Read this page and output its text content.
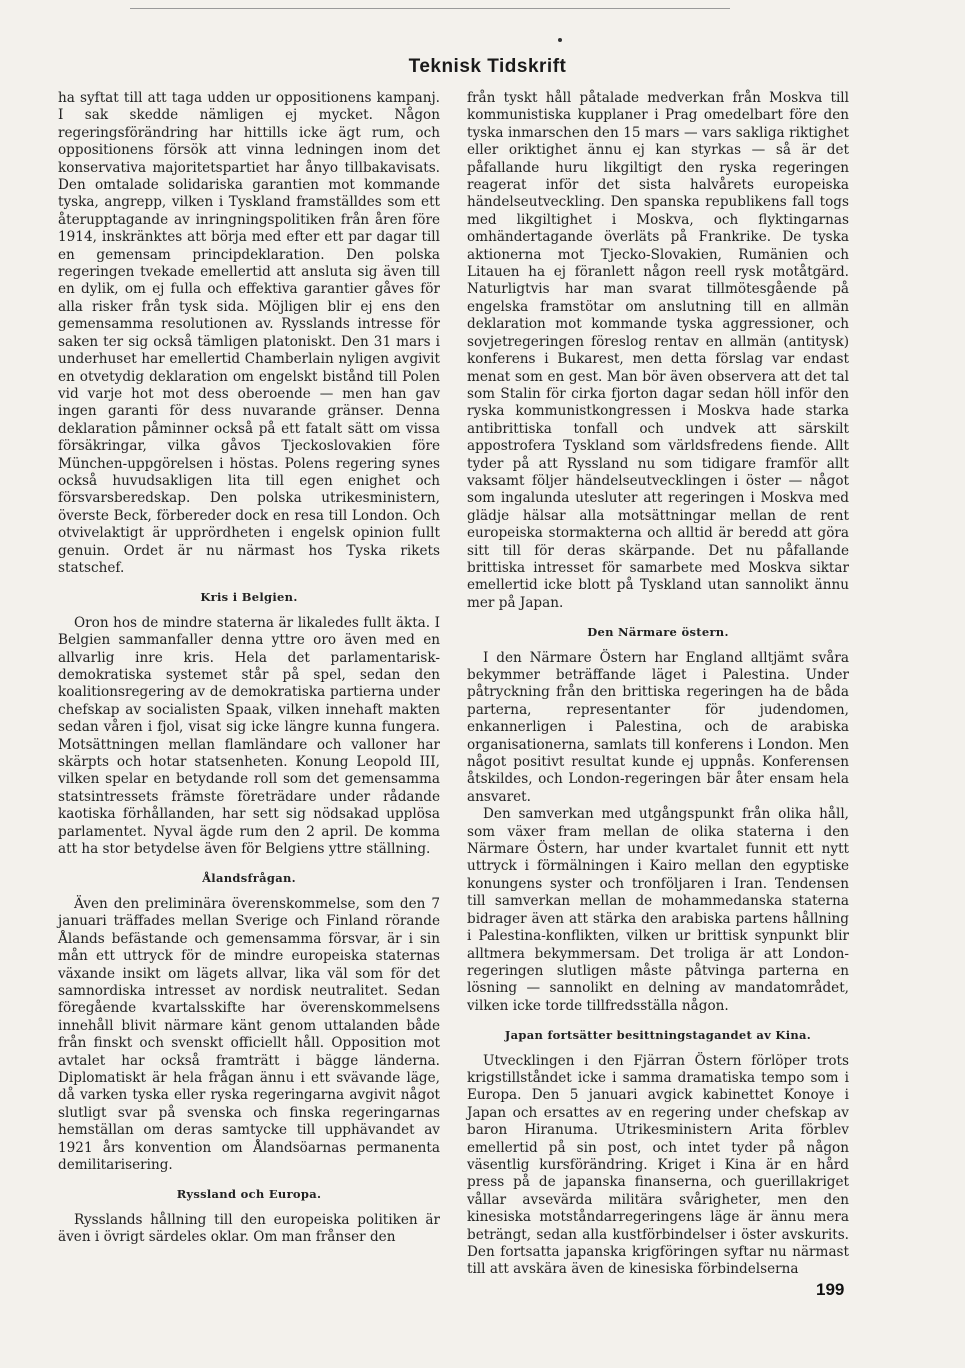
Teknisk Tidskrift

ha syftat till att taga udden ur oppositionens kampanj. I sak skedde nämligen ej mycket. Någon regeringsförändring har hittills icke ägt rum, och oppositionens försök att vinna ledningen inom det konservativa majoritetspartiet har ånyo tillbakavisats. Den omtalade solidariska garantien mot kommande tyska, angrepp, vilken i Tyskland framställdes som ett återupptagande av inringningspolitiken från åren före 1914, inskränktes att börja med efter ett par dagar till en gemensam principdeklaration. Den polska regeringen tvekade emellertid att ansluta sig även till en dylik, om ej fulla och effektiva garantier gåves för alla risker från tysk sida. Möjligen blir ej ens den gemensamma resolutionen av. Rysslands intresse för saken ter sig också tämligen platoniskt. Den 31 mars i underhuset har emellertid Chamberlain nyligen avgivit en otvetydig deklaration om engelskt bistånd till Polen vid varje hot mot dess oberoende — men han gav ingen garanti för dess nuvarande gränser. Denna deklaration påminner också på ett fatalt sätt om vissa försäkringar, vilka gåvos Tjeckoslovakien före München-uppgörelsen i höstas. Polens regering synes också huvudsakligen lita till egen enighet och försvarsberedskap. Den polska utrikesministern, överste Beck, förbereder dock en resa till London. Och otvivelaktigt är upprördheten i engelsk opinion fullt genuin. Ordet är nu närmast hos Tyska rikets statschef.

Kris i Belgien.

Oron hos de mindre staterna är likaledes fullt äkta. I Belgien sammanfaller denna yttre oro även med en allvarlig inre kris. Hela det parlamentarisk-demokratiska systemet står på spel, sedan den koalitionsregering av de demokratiska partierna under chefskap av socialisten Spaak, vilken innehaft makten sedan våren i fjol, visat sig icke längre kunna fungera. Motsättningen mellan flamländare och valloner har skärpts och hotar statsenheten. Konung Leopold III, vilken spelar en betydande roll som det gemensamma statsintressets främste företrädare under rådande kaotiska förhållanden, har sett sig nödsakad upplösa parlamentet. Nyval ägde rum den 2 april. De komma att ha stor betydelse även för Belgiens yttre ställning.

Ålandsfrågan.

Även den preliminära överenskommelse, som den 7 januari träffades mellan Sverige och Finland rörande Ålands befästande och gemensamma försvar, är i sin mån ett uttryck för de mindre europeiska staternas växande insikt om lägets allvar, lika väl som för det samnordiska intresset av nordisk neutralitet. Sedan föregående kvartalsskifte har överenskommelsens innehåll blivit närmare känt genom uttalanden både från finskt och svenskt officiellt håll. Opposition mot avtalet har också framträtt i bägge länderna. Diplomatiskt är hela frågan ännu i ett svävande läge, då varken tyska eller ryska regeringarna avgivit något slutligt svar på svenska och finska regeringarnas hemställan om deras samtycke till upphävandet av 1921 års konvention om Ålandsöarnas permanenta demilitarisering.

Ryssland och Europa.

Rysslands hållning till den europeiska politiken är även i övrigt särdeles oklar. Om man frånser den

från tyskt håll påtalade medverkan från Moskva till kommunistiska kupplaner i Prag omedelbart före den tyska inmarschen den 15 mars — vars sakliga riktighet eller oriktighet ännu ej kan styrkas — så är det påfallande huru likgiltigt den ryska regeringen reagerat inför det sista halvårets europeiska händelseutveckling. Den spanska republikens fall togs med likgiltighet i Moskva, och flyktingarnas omhändertagande överläts på Frankrike. De tyska aktionerna mot Tjecko-Slovakien, Rumänien och Litauen ha ej föranlett någon reell rysk motåtgärd. Naturligtvis har man svarat tillmötesgående på engelska framstötar om anslutning till en allmän deklaration mot kommande tyska aggressioner, och sovjetregeringen föreslog rentav en allmän (antitysk) konferens i Bukarest, men detta förslag var endast menat som en gest. Man bör även observera att det tal som Stalin för cirka fjorton dagar sedan höll inför den ryska kommunistkongressen i Moskva hade starka antibrittiska tonfall och undvek att särskilt appostrofera Tyskland som världsfredens fiende. Allt tyder på att Ryssland nu som tidigare framför allt vaksamt följer händelseutvecklingen i öster — något som ingalunda utesluter att regeringen i Moskva med glädje hälsar alla motsättningar mellan de rent europeiska stormakterna och alltid är beredd att göra sitt till för deras skärpande. Det nu påfallande brittiska intresset för samarbete med Moskva siktar emellertid icke blott på Tyskland utan sannolikt ännu mer på Japan.

Den Närmare östern.

I den Närmare Östern har England alltjämt svåra bekymmer beträffande läget i Palestina. Under påtryckning från den brittiska regeringen ha de båda parterna, representanter för judendomen, enkannerligen i Palestina, och de arabiska organisationerna, samlats till konferens i London. Men något positivt resultat kunde ej uppnås. Konferensen åtskildes, och London-regeringen bär åter ensam hela ansvaret.

Den samverkan med utgångspunkt från olika håll, som växer fram mellan de olika staterna i den Närmare Östern, har under kvartalet funnit ett nytt uttryck i förmälningen i Kairo mellan den egyptiske konungens syster och tronföljaren i Iran. Tendensen till samverkan mellan de mohammedanska staterna bidrager även att stärka den arabiska partens hållning i Palestina-konflikten, vilken ur brittisk synpunkt blir alltmera bekymmersam. Det troliga är att London-regeringen slutligen måste påtvinga parterna en lösning — sannolikt en delning av mandatområdet, vilken icke torde tillfredsställa någon.

Japan fortsätter besittningstagandet av Kina.

Utvecklingen i den Fjärran Östern förlöper trots krigstillståndet icke i samma dramatiska tempo som i Europa. Den 5 januari avgick kabinettet Konoye i Japan och ersattes av en regering under chefskap av baron Hiranuma. Utrikesministern Arita förblev emellertid på sin post, och intet tyder på någon väsentlig kursförändring. Kriget i Kina är en hård press på de japanska finanserna, och guerillakriget vållar avsevärda militära svårigheter, men den kinesiska motståndarregeringens läge är ännu mera beträngt, sedan alla kustförbindelser i öster avskurits. Den fortsatta japanska krigföringen syftar nu närmast till att avskära även de kinesiska förbindelserna

199
